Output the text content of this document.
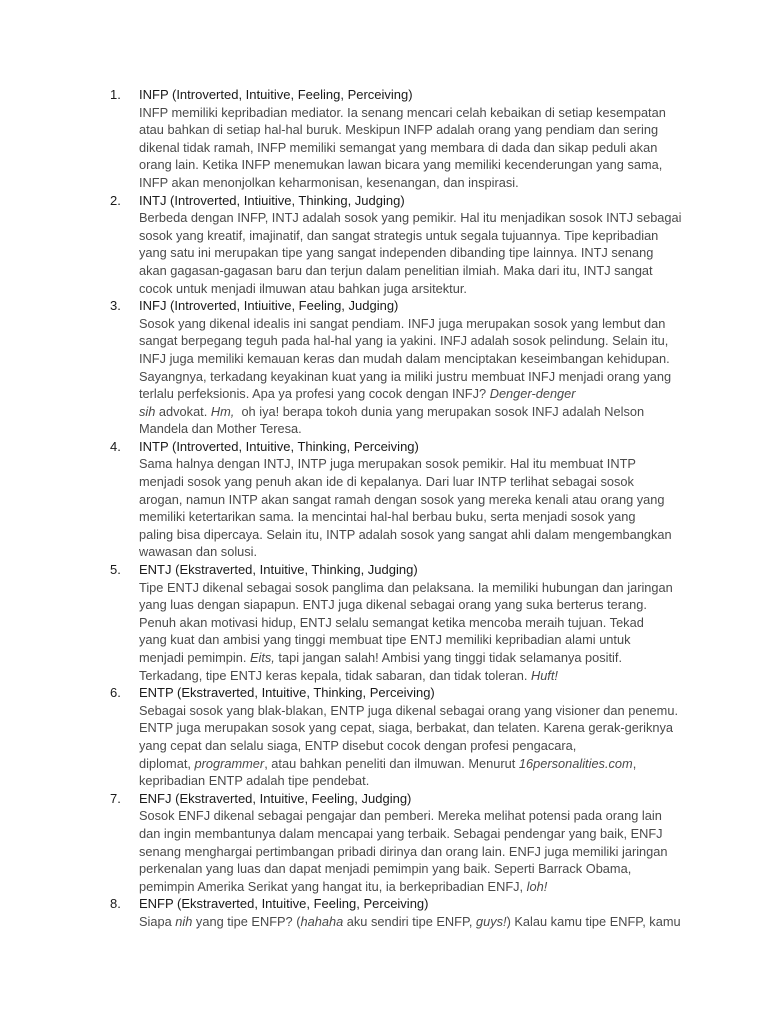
1.	INFP (Introverted, Intuitive, Feeling, Perceiving)
INFP memiliki kepribadian mediator. Ia senang mencari celah kebaikan di setiap kesempatan
atau bahkan di setiap hal-hal buruk. Meskipun INFP adalah orang yang pendiam dan sering
dikenal tidak ramah, INFP memiliki semangat yang membara di dada dan sikap peduli akan
orang lain. Ketika INFP menemukan lawan bicara yang memiliki kecenderungan yang sama,
INFP akan menonjolkan keharmonisan, kesenangan, dan inspirasi.
2.	INTJ (Introverted, Intiuitive, Thinking, Judging)
Berbeda dengan INFP, INTJ adalah sosok yang pemikir. Hal itu menjadikan sosok INTJ sebagai
sosok yang kreatif, imajinatif, dan sangat strategis untuk segala tujuannya. Tipe kepribadian
yang satu ini merupakan tipe yang sangat independen dibanding tipe lainnya. INTJ senang
akan gagasan-gagasan baru dan terjun dalam penelitian ilmiah. Maka dari itu, INTJ sangat
cocok untuk menjadi ilmuwan atau bahkan juga arsitektur.
3.	INFJ (Introverted, Intiuitive, Feeling, Judging)
Sosok yang dikenal idealis ini sangat pendiam. INFJ juga merupakan sosok yang lembut dan
sangat berpegang teguh pada hal-hal yang ia yakini. INFJ adalah sosok pelindung. Selain itu,
INFJ juga memiliki kemauan keras dan mudah dalam menciptakan keseimbangan kehidupan.
Sayangnya, terkadang keyakinan kuat yang ia miliki justru membuat INFJ menjadi orang yang
terlalu perfeksionis. Apa ya profesi yang cocok dengan INFJ? Denger-denger
sih advokat. Hm,  oh iya! berapa tokoh dunia yang merupakan sosok INFJ adalah Nelson
Mandela dan Mother Teresa.
4.	INTP (Introverted, Intuitive, Thinking, Perceiving)
Sama halnya dengan INTJ, INTP juga merupakan sosok pemikir. Hal itu membuat INTP
menjadi sosok yang penuh akan ide di kepalanya. Dari luar INTP terlihat sebagai sosok
arogan, namun INTP akan sangat ramah dengan sosok yang mereka kenali atau orang yang
memiliki ketertarikan sama. Ia mencintai hal-hal berbau buku, serta menjadi sosok yang
paling bisa dipercaya. Selain itu, INTP adalah sosok yang sangat ahli dalam mengembangkan
wawasan dan solusi.
5.	ENTJ (Ekstraverted, Intuitive, Thinking, Judging)
Tipe ENTJ dikenal sebagai sosok panglima dan pelaksana. Ia memiliki hubungan dan jaringan
yang luas dengan siapapun. ENTJ juga dikenal sebagai orang yang suka berterus terang.
Penuh akan motivasi hidup, ENTJ selalu semangat ketika mencoba meraih tujuan. Tekad
yang kuat dan ambisi yang tinggi membuat tipe ENTJ memiliki kepribadian alami untuk
menjadi pemimpin. Eits, tapi jangan salah! Ambisi yang tinggi tidak selamanya positif.
Terkadang, tipe ENTJ keras kepala, tidak sabaran, dan tidak toleran. Huft!
6.	ENTP (Ekstraverted, Intuitive, Thinking, Perceiving)
Sebagai sosok yang blak-blakan, ENTP juga dikenal sebagai orang yang visioner dan penemu.
ENTP juga merupakan sosok yang cepat, siaga, berbakat, dan telaten. Karena gerak-geriknya
yang cepat dan selalu siaga, ENTP disebut cocok dengan profesi pengacara,
diplomat, programmer, atau bahkan peneliti dan ilmuwan. Menurut 16personalities.com,
kepribadian ENTP adalah tipe pendebat.
7.	ENFJ (Ekstraverted, Intuitive, Feeling, Judging)
Sosok ENFJ dikenal sebagai pengajar dan pemberi. Mereka melihat potensi pada orang lain
dan ingin membantunya dalam mencapai yang terbaik. Sebagai pendengar yang baik, ENFJ
senang menghargai pertimbangan pribadi dirinya dan orang lain. ENFJ juga memiliki jaringan
perkenalan yang luas dan dapat menjadi pemimpin yang baik. Seperti Barrack Obama,
pemimpin Amerika Serikat yang hangat itu, ia berkepribadian ENFJ, loh!
8.	ENFP (Ekstraverted, Intuitive, Feeling, Perceiving)
Siapa nih yang tipe ENFP? (hahaha aku sendiri tipe ENFP, guys!) Kalau kamu tipe ENFP, kamu
